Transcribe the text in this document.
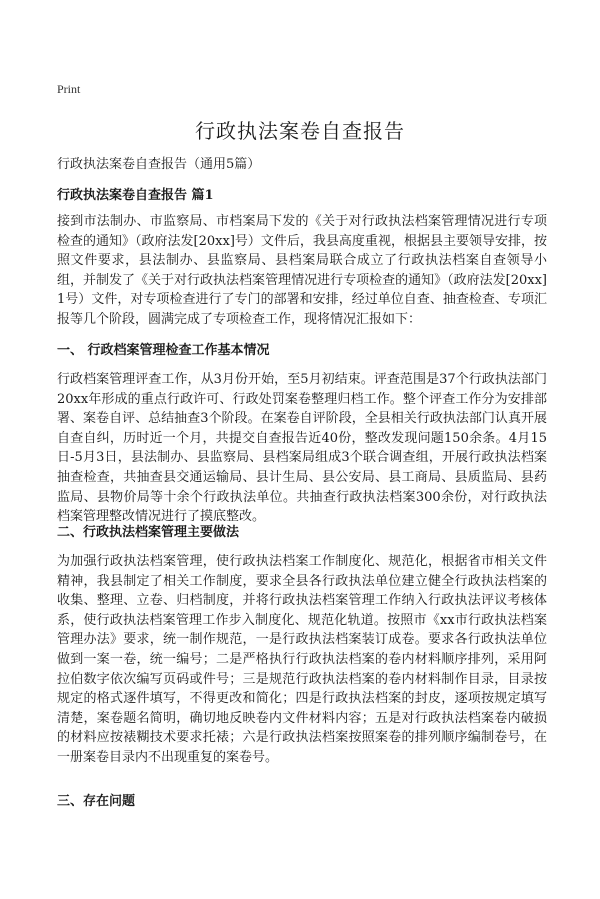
Print
行政执法案卷自查报告

行政执法案卷自查报告（通用5篇）

行政执法案卷自查报告 篇1

接到市法制办、市监察局、市档案局下发的《关于对行政执法档案管理情况进行专项检查的通知》（政府法发[20xx]号）文件后，我县高度重视，根据县主要领导安排，按照文件要求，县法制办、县监察局、县档案局联合成立了行政执法档案自查领导小组，并制发了《关于对行政执法档案管理情况进行专项检查的通知》（政府法发[20xx]1号）文件，对专项检查进行了专门的部署和安排，经过单位自查、抽查检查、专项汇报等几个阶段，圆满完成了专项检查工作，现将情况汇报如下：

一、 行政档案管理检查工作基本情况

行政档案管理评查工作，从3月份开始，至5月初结束。评查范围是37个行政执法部门20xx年形成的重点行政许可、行政处罚案卷整理归档工作。整个评查工作分为安排部署、案卷自评、总结抽查3个阶段。在案卷自评阶段，全县相关行政执法部门认真开展自查自纠，历时近一个月，共提交自查报告近40份，整改发现问题150余条。4月15日-5月3日，县法制办、县监察局、县档案局组成3个联合调查组，开展行政执法档案抽查检查，共抽查县交通运输局、县计生局、县公安局、县工商局、县质监局、县药监局、县物价局等十余个行政执法单位。共抽查行政执法档案300余份，对行政执法档案管理整改情况进行了摸底整改。

二、行政执法档案管理主要做法

为加强行政执法档案管理，使行政执法档案工作制度化、规范化，根据省市相关文件精神，我县制定了相关工作制度，要求全县各行政执法单位建立健全行政执法档案的收集、整理、立卷、归档制度，并将行政执法档案管理工作纳入行政执法评议考核体系，使行政执法档案管理工作步入制度化、规范化轨道。按照市《xx市行政执法档案管理办法》要求，统一制作规范，一是行政执法档案装订成卷。要求各行政执法单位做到一案一卷，统一编号；二是严格执行行政执法档案的卷内材料顺序排列，采用阿拉伯数字依次编写页码或件号；三是规范行政执法档案的卷内材料制作目录，目录按规定的格式逐件填写，不得更改和简化；四是行政执法档案的封皮，逐项按规定填写清楚，案卷题名简明，确切地反映卷内文件材料内容；五是对行政执法档案卷内破损的材料应按裱糊技术要求托裱；六是行政执法档案按照案卷的排列顺序编制卷号，在一册案卷目录内不出现重复的案卷号。

三、存在问题
